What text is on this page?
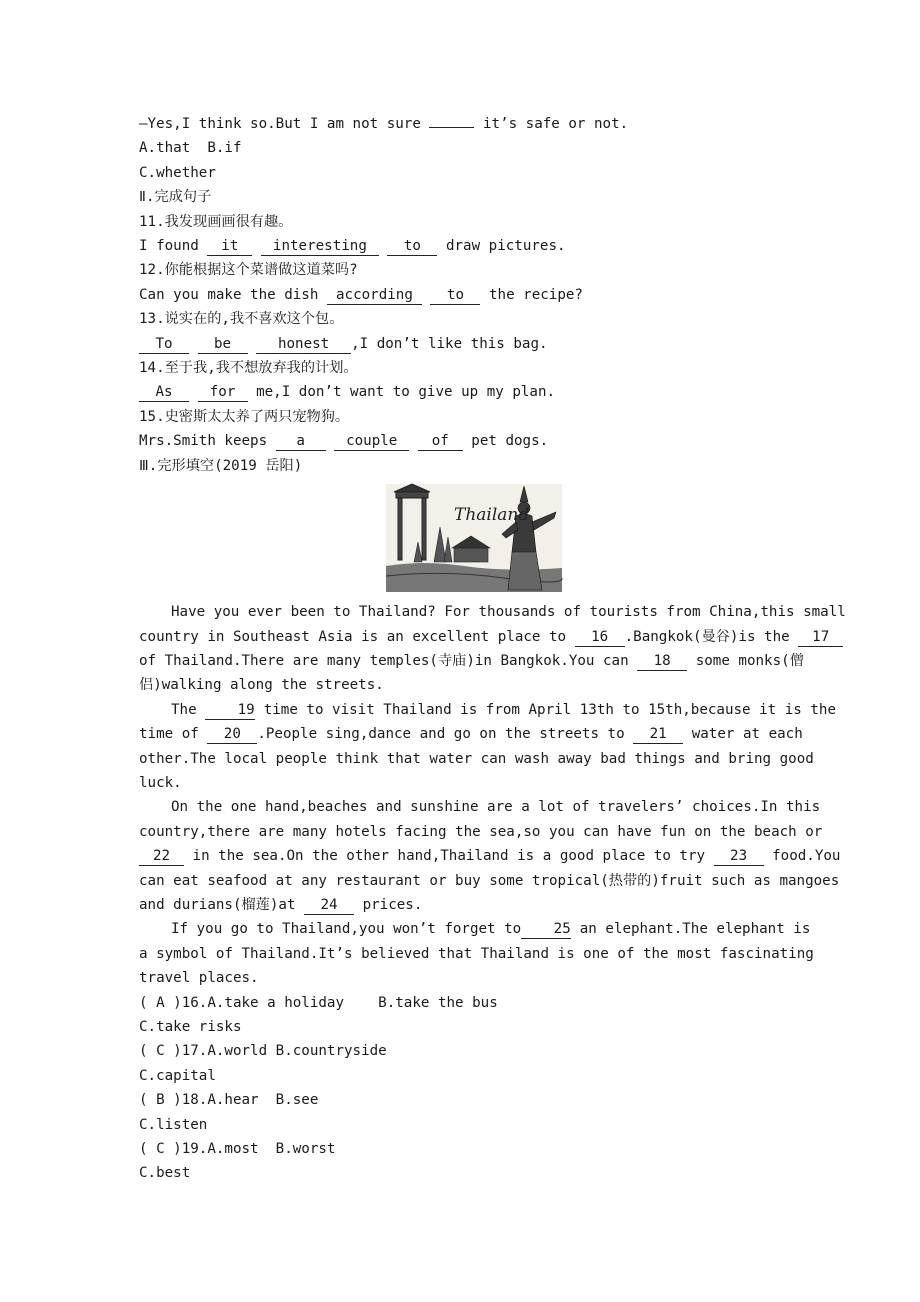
—Yes,I think so.But I am not sure	it’s safe or not.

A.that  B.if

C.whether

Ⅱ.完成句子

11.我发现画画很有趣。

I found it interesting	to draw pictures.

12.你能根据这个菜谱做这道菜吗?

Can you make the dish according to the recipe?

13.说实在的,我不喜欢这个包。

To	be	honest ,I don’t like this bag.

14.至于我,我不想放弃我的计划。

As	for me,I don’t want to give up my plan.

15.史密斯太太养了两只宠物狗。

Mrs.Smith keeps a	couple of pet dogs.

Ⅲ.完形填空(2019 岳阳)

Thailand

Have you ever been to Thailand? For thousands of tourists from China,this small

country in Southeast Asia is an excellent place to 16 .Bangkok(曼谷)is the 17

of Thailand.There are many temples(寺庙)in Bangkok.You can 18 some monks(僧

侣)walking along the streets.

The 19 time to visit Thailand is from April 13th to 15th,because it is the

time of 20 .People sing,dance and go on the streets to 21 water at each

other.The local people think that water can wash away bad things and bring good

luck.

On the one hand,beaches and sunshine are a lot of travelers’ choices.In this

country,there are many hotels facing the sea,so you can have fun on the beach or

22 in the sea.On the other hand,Thailand is a good place to try 23 food.You

can eat seafood at any restaurant or buy some tropical(热带的)fruit such as mangoes

and durians(榴莲)at 24 prices.

If you go to Thailand,you won’t forget to 25 an elephant.The elephant is

a symbol of Thailand.It’s believed that Thailand is one of the most fascinating

travel places.

( A )16.A.take a holiday    B.take the bus

C.take risks

( C )17.A.world B.countryside

C.capital

( B )18.A.hear  B.see

C.listen

( C )19.A.most  B.worst

C.best
